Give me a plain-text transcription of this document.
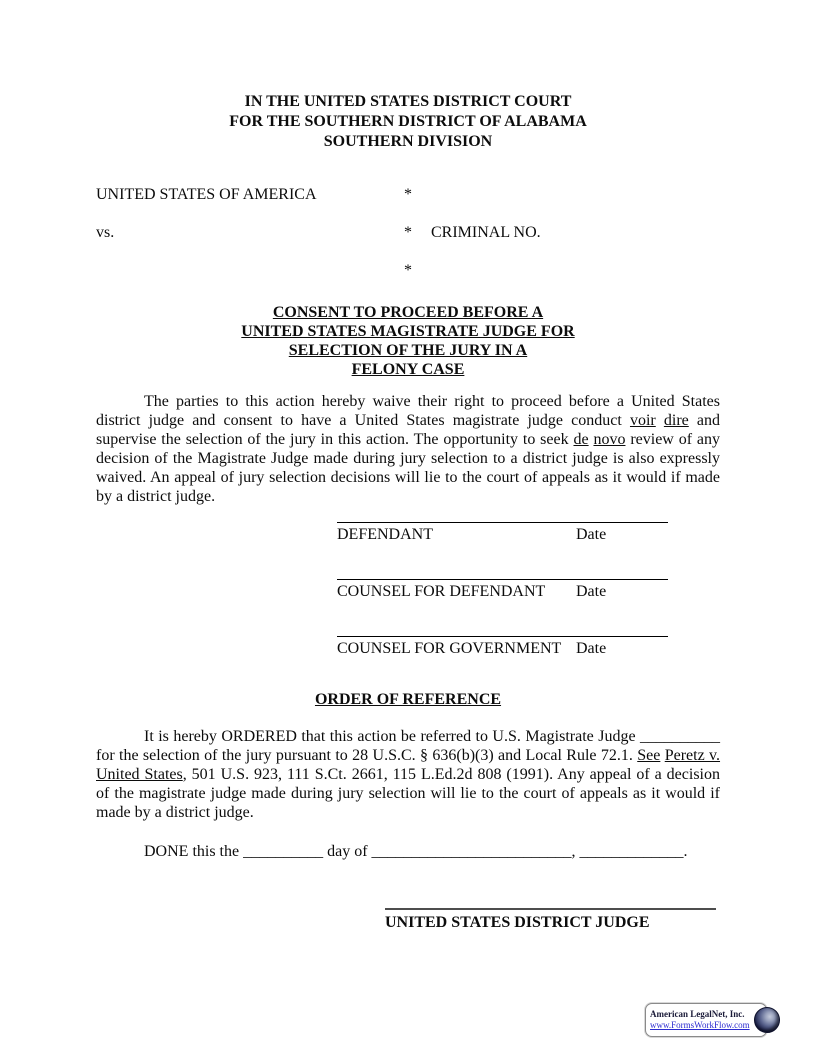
IN THE UNITED STATES DISTRICT COURT
FOR THE SOUTHERN DISTRICT OF ALABAMA
SOUTHERN DIVISION
UNITED STATES OF AMERICA	*
vs.	* CRIMINAL NO.
*
CONSENT TO PROCEED BEFORE A
UNITED STATES MAGISTRATE JUDGE FOR
SELECTION OF THE JURY IN A
FELONY CASE

The parties to this action hereby waive their right to proceed before a United States district judge and consent to have a United States magistrate judge conduct voir dire and supervise the selection of the jury in this action. The opportunity to seek de novo review of any decision of the Magistrate Judge made during jury selection to a district judge is also expressly waived. An appeal of jury selection decisions will lie to the court of appeals as it would if made by a district judge.

DEFENDANT	Date
COUNSEL FOR DEFENDANT Date
COUNSEL FOR GOVERNMENT Date
ORDER OF REFERENCE

It is hereby ORDERED that this action be referred to U.S. Magistrate Judge __________ for the selection of the jury pursuant to 28 U.S.C. § 636(b)(3) and Local Rule 72.1. See Peretz v. United States, 501 U.S. 923, 111 S.Ct. 2661, 115 L.Ed.2d 808 (1991). Any appeal of a decision of the magistrate judge made during jury selection will lie to the court of appeals as it would if made by a district judge.

DONE this the __________ day of _________________________, _____________.
UNITED STATES DISTRICT JUDGE
American LegalNet, Inc.
www.FormsWorkFlow.com
